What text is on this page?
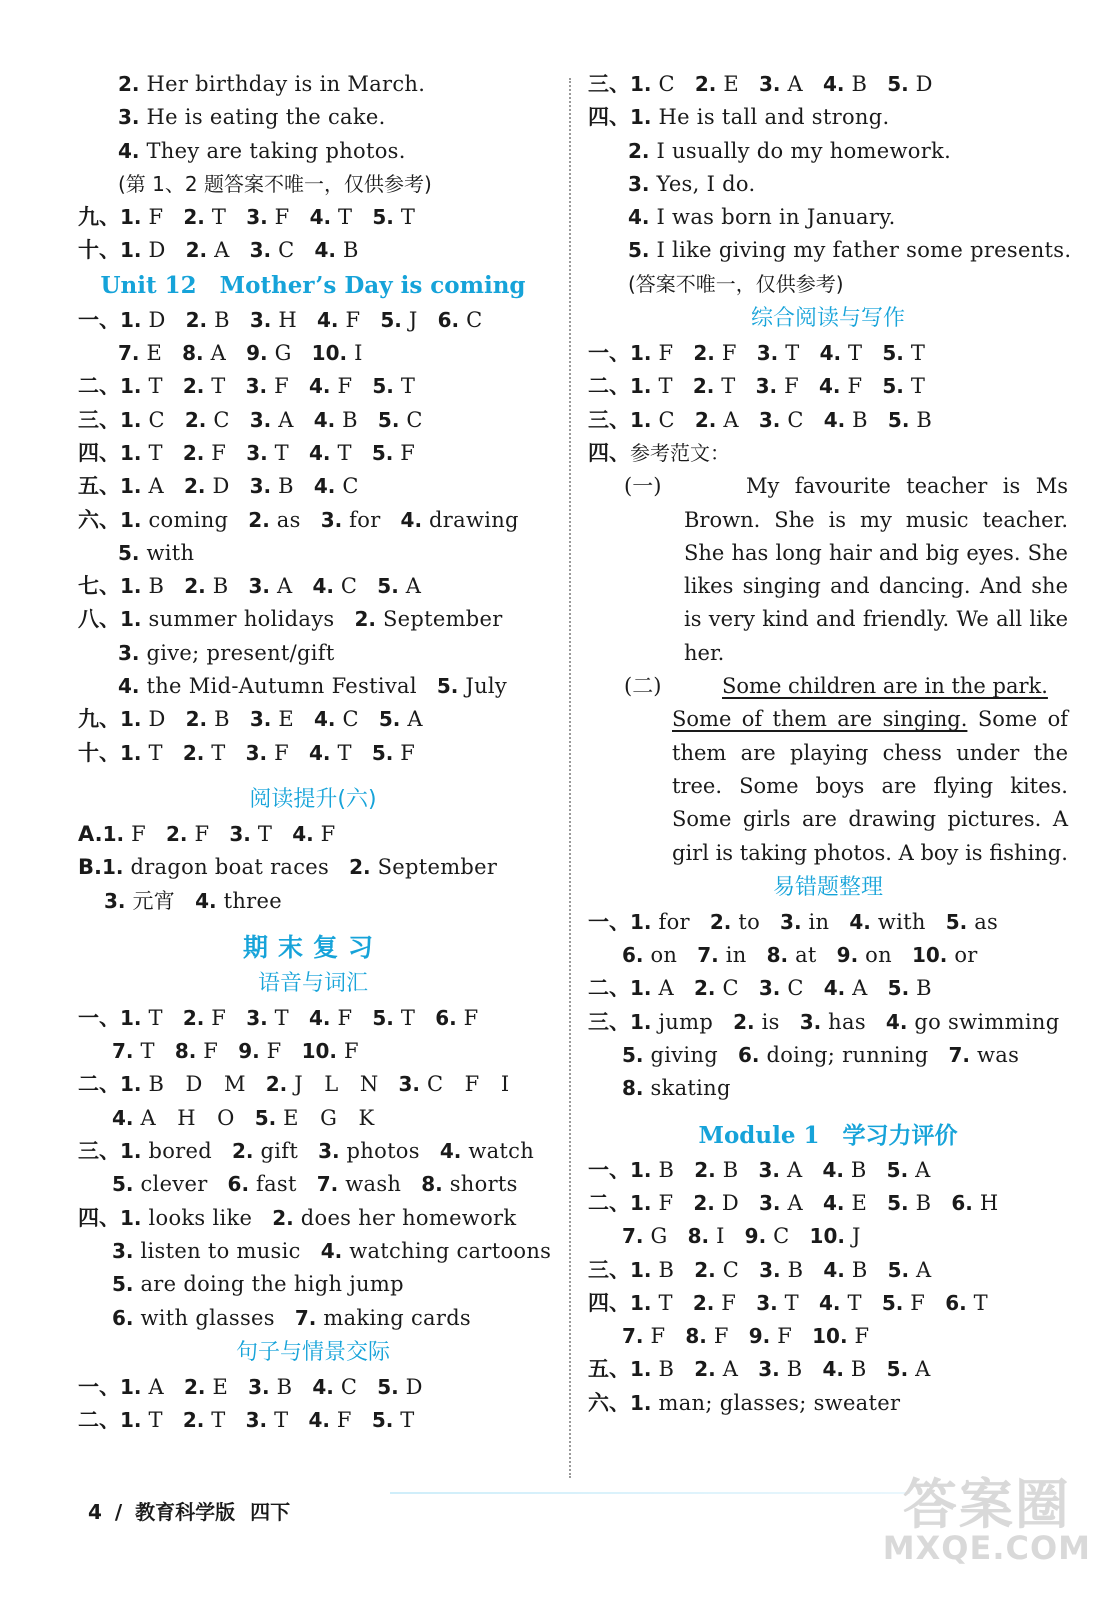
2. Her birthday is in March.
3. He is eating the cake.
4. They are taking photos.
(第 1、2 题答案不唯一，仅供参考)
九、1. F 2. T 3. F 4. T 5. T
十、1. D 2. A 3. C 4. B
Unit 12　Mother’s Day is coming
一、1. D 2. B 3. H 4. F 5. J 6. C
7. E 8. A 9. G 10. I
二、1. T 2. T 3. F 4. F 5. T
三、1. C 2. C 3. A 4. B 5. C
四、1. T 2. F 3. T 4. T 5. F
五、1. A 2. D 3. B 4. C
六、1. coming 2. as 3. for 4. drawing
5. with
七、1. B 2. B 3. A 4. C 5. A
八、1. summer holidays 2. September
3. give; present/gift
4. the Mid-Autumn Festival 5. July
九、1. D 2. B 3. E 4. C 5. A
十、1. T 2. T 3. F 4. T 5. F
阅读提升(六)
A.1. F 2. F 3. T 4. F
B.1. dragon boat races 2. September
3. 元宵 4. three
期末复习
语音与词汇
一、1. T 2. F 3. T 4. F 5. T 6. F
7. T 8. F 9. F 10. F
二、1. B　D　M 2. J　L　N 3. C　F　I
4. A　H　O 5. E　G　K
三、1. bored 2. gift 3. photos 4. watch
5. clever 6. fast 7. wash 8. shorts
四、1. looks like 2. does her homework
3. listen to music 4. watching cartoons
5. are doing the high jump
6. with glasses 7. making cards
句子与情景交际
一、1. A 2. E 3. B 4. C 5. D
二、1. T 2. T 3. T 4. F 5. T
三、1. C 2. E 3. A 4. B 5. D
四、1. He is tall and strong.
2. I usually do my homework.
3. Yes, I do.
4. I was born in January.
5. I like giving my father some presents.
(答案不唯一，仅供参考)
综合阅读与写作
一、1. F 2. F 3. T 4. T 5. T
二、1. T 2. T 3. F 4. F 5. T
三、1. C 2. A 3. C 4. B 5. B
四、参考范文：
(一)	My favourite teacher is Ms Brown. She is my music teacher. She has long hair and big eyes. She likes singing and dancing. And she is very kind and friendly. We all like her.
(二)	Some children are in the park.
Some of them are singing. Some of them are playing chess under the tree. Some boys are flying kites. Some girls are drawing pictures. A girl is taking photos. A boy is fishing.
易错题整理
一、1. for 2. to 3. in 4. with 5. as
6. on 7. in 8. at 9. on 10. or
二、1. A 2. C 3. C 4. A 5. B
三、1. jump 2. is 3. has 4. go swimming
5. giving 6. doing; running 7. was
8. skating
Module 1　学习力评价
一、1. B 2. B 3. A 4. B 5. A
二、1. F 2. D 3. A 4. E 5. B 6. H
7. G 8. I 9. C 10. J
三、1. B 2. C 3. B 4. B 5. A
四、1. T 2. F 3. T 4. T 5. F 6. T
7. F 8. F 9. F 10. F
五、1. B 2. A 3. B 4. B 5. A
六、1. man; glasses; sweater
4 / 教育科学版 四下	答案圈
MXQE.COM
